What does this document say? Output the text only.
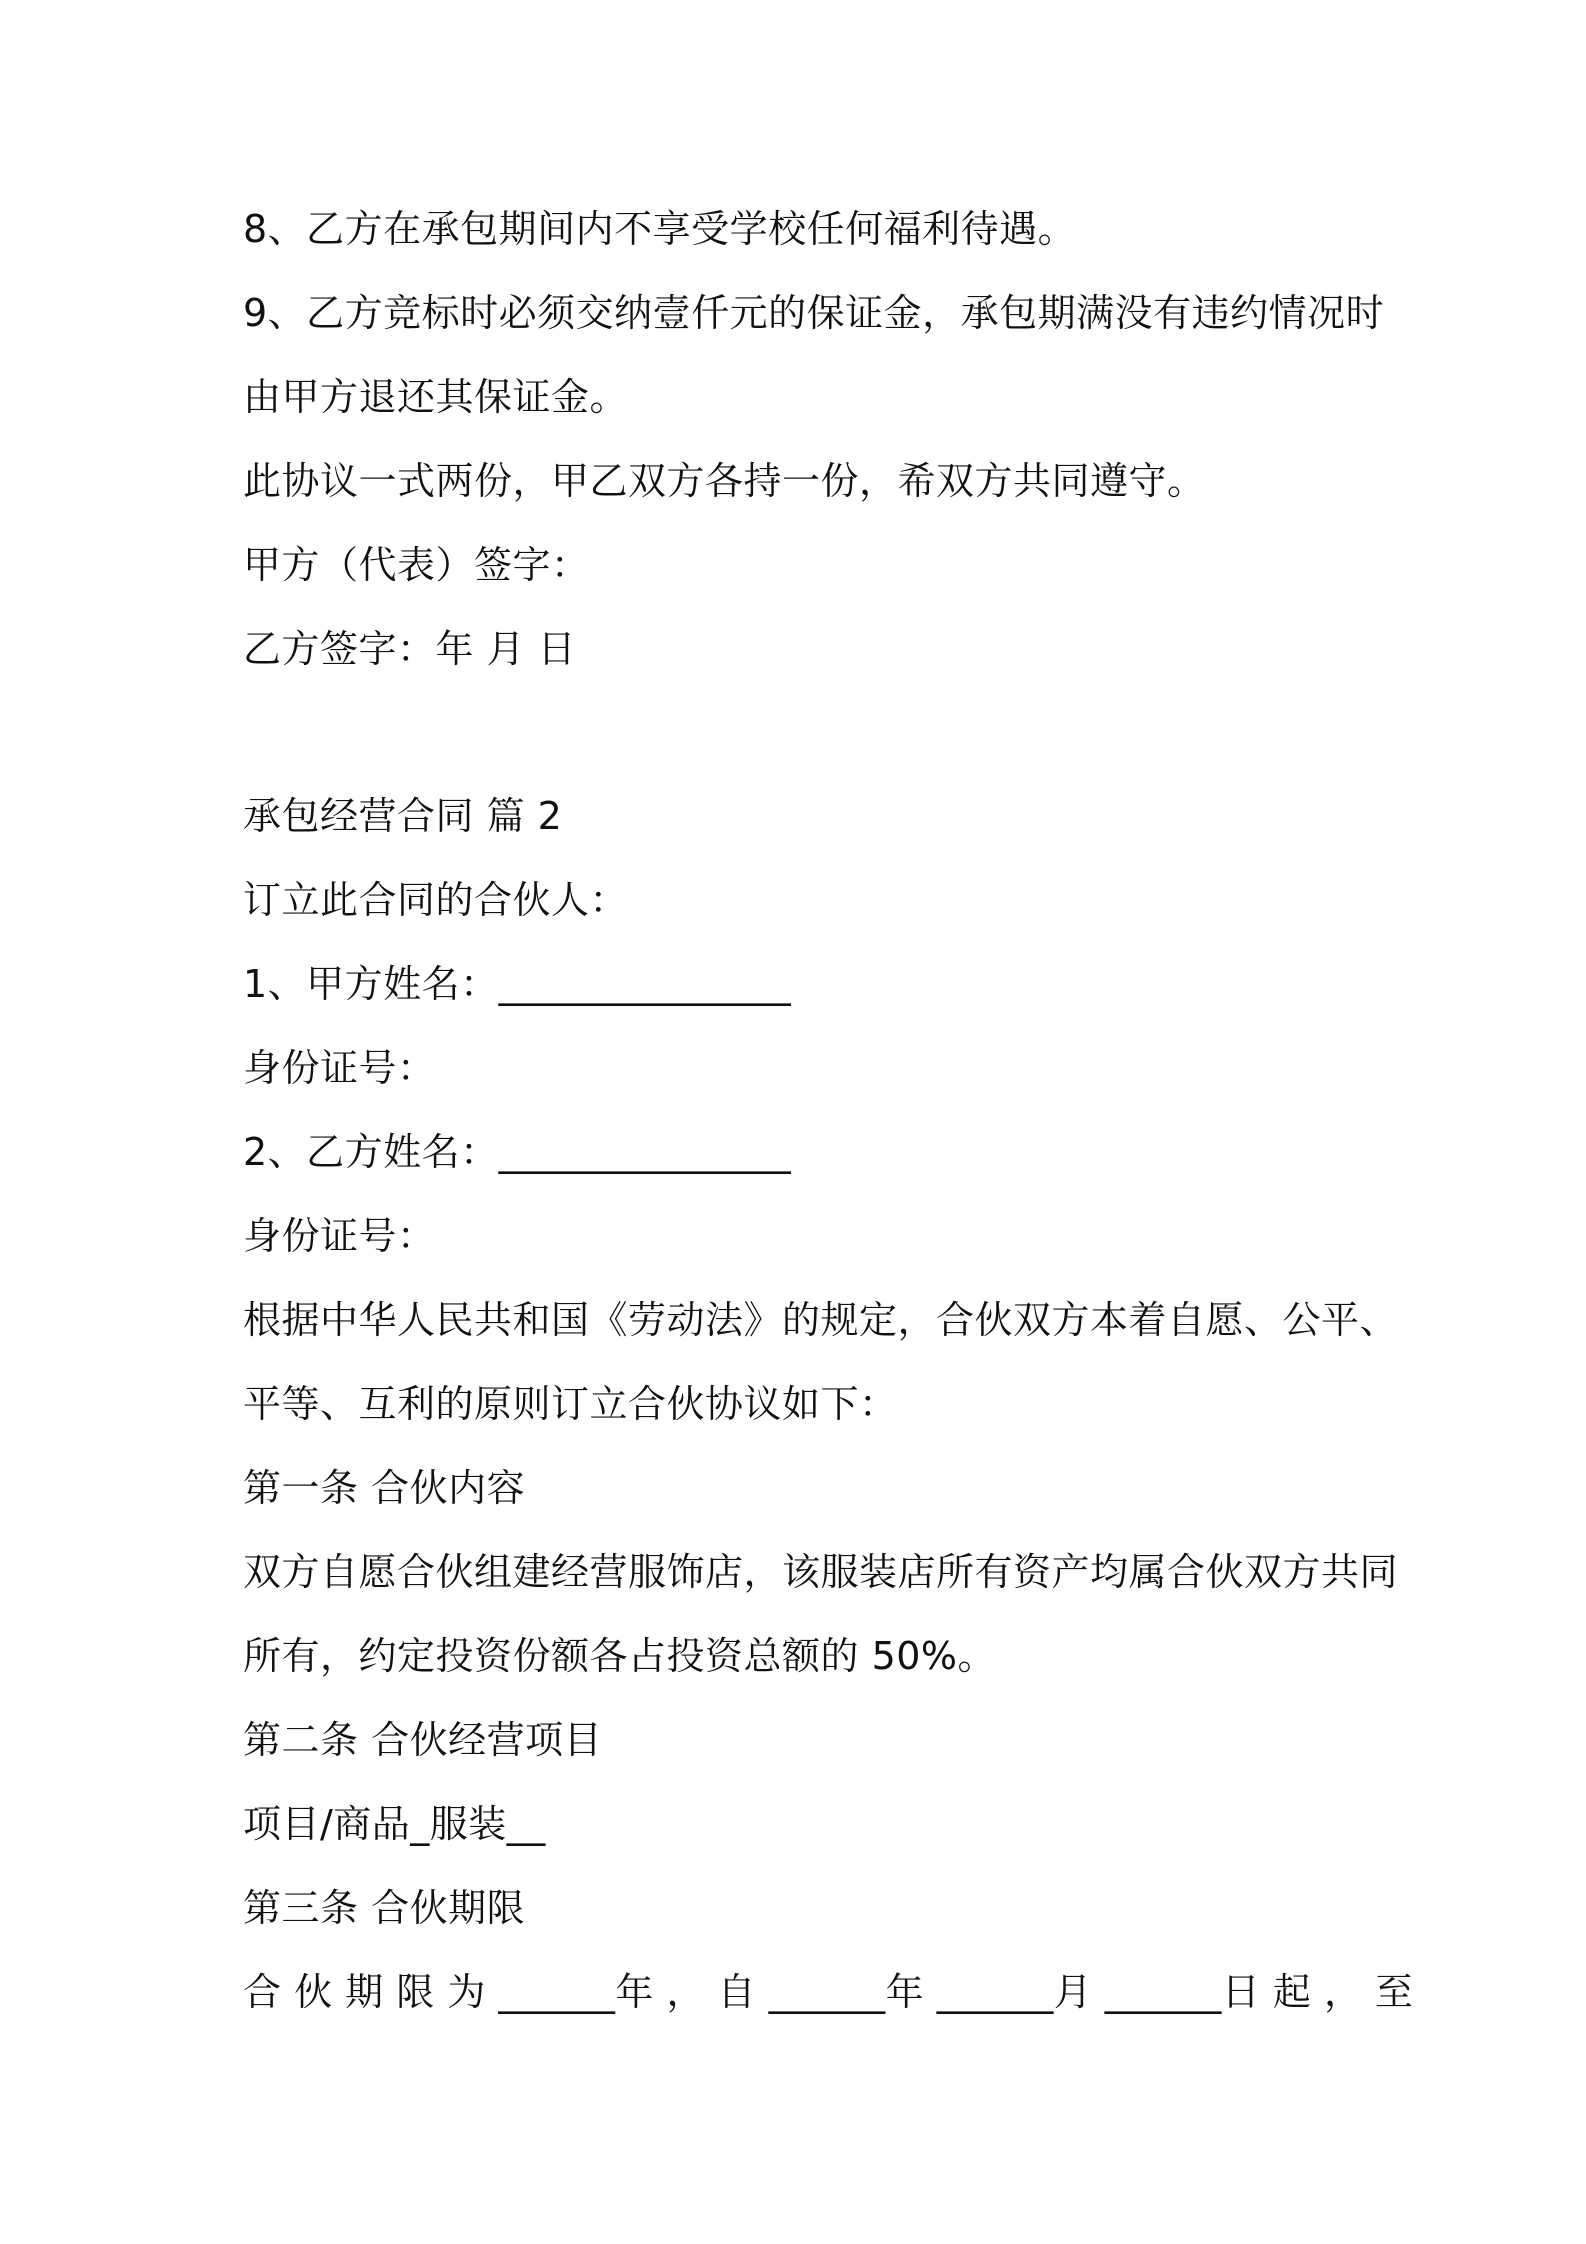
8、乙方在承包期间内不享受学校任何福利待遇。
9、乙方竞标时必须交纳壹仟元的保证金，承包期满没有违约情况时
由甲方退还其保证金。
此协议一式两份，甲乙双方各持一份，希双方共同遵守。
甲方（代表）签字：
乙方签字：年 月 日
承包经营合同 篇 2
订立此合同的合伙人：
1、甲方姓名：_______________
身份证号：
2、乙方姓名：_______________
身份证号：
根据中华人民共和国《劳动法》的规定，合伙双方本着自愿、公平、
平等、互利的原则订立合伙协议如下：
第一条 合伙内容
双方自愿合伙组建经营服饰店，该服装店所有资产均属合伙双方共同
所有，约定投资份额各占投资总额的 50%。
第二条 合伙经营项目
项目/商品_服装__
第三条 合伙期限
合 伙 期 限 为 ______年 ， 自 ______年 ______月 ______日 起 ， 至
